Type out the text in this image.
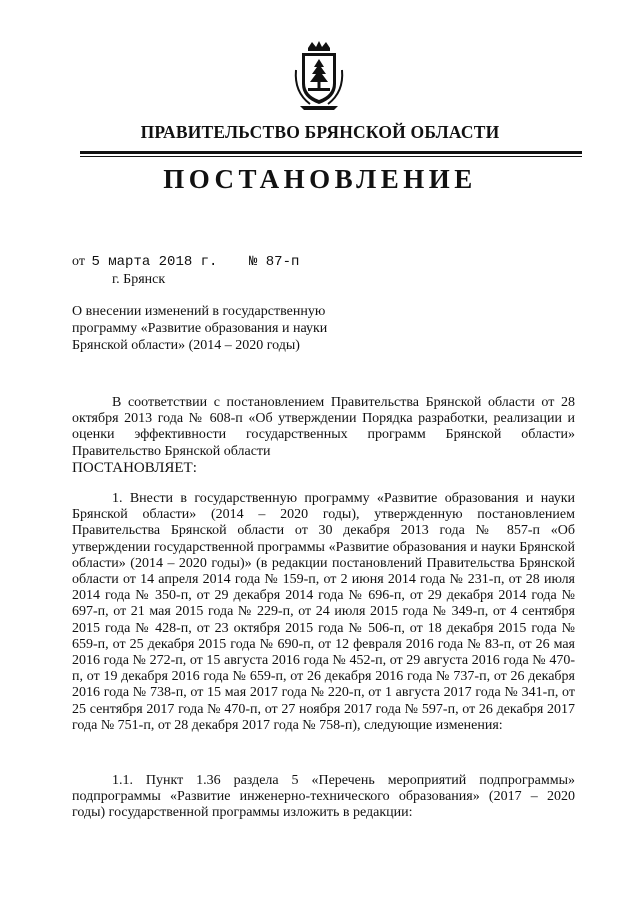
ПРАВИТЕЛЬСТВО БРЯНСКОЙ ОБЛАСТИ
ПОСТАНОВЛЕНИЕ
от 5 марта 2018 г. № 87-п
г. Брянск
О внесении изменений в государственную
программу «Развитие образования и науки
Брянской области» (2014 – 2020 годы)

В соответствии с постановлением Правительства Брянской области от 28 октября 2013 года № 608-п «Об утверждении Порядка разработки, реализации и оценки эффективности государственных программ Брянской области» Правительство Брянской области

ПОСТАНОВЛЯЕТ:

1. Внести в государственную программу «Развитие образования и науки Брянской области» (2014 – 2020 годы), утвержденную постановлением Правительства Брянской области от 30 декабря 2013 года № 857-п «Об утверждении государственной программы «Развитие образования и науки Брянской области» (2014 – 2020 годы)» (в редакции постановлений Правительства Брянской области от 14 апреля 2014 года № 159-п, от 2 июня 2014 года № 231-п, от 28 июля 2014 года № 350-п, от 29 декабря 2014 года № 696-п, от 29 декабря 2014 года № 697-п, от 21 мая 2015 года № 229-п, от 24 июля 2015 года № 349-п, от 4 сентября 2015 года № 428-п, от 23 октября 2015 года № 506-п, от 18 декабря 2015 года № 659-п, от 25 декабря 2015 года № 690-п, от 12 февраля 2016 года № 83-п, от 26 мая 2016 года № 272-п, от 15 августа 2016 года № 452-п, от 29 августа 2016 года № 470-п, от 19 декабря 2016 года № 659-п, от 26 декабря 2016 года № 737-п, от 26 декабря 2016 года № 738-п, от 15 мая 2017 года № 220-п, от 1 августа 2017 года № 341-п, от 25 сентября 2017 года № 470-п, от 27 ноября 2017 года № 597-п, от 26 декабря 2017 года № 751-п, от 28 декабря 2017 года № 758-п), следующие изменения:

1.1. Пункт 1.36 раздела 5 «Перечень мероприятий подпрограммы» подпрограммы «Развитие инженерно-технического образования» (2017 – 2020 годы) государственной программы изложить в редакции:
